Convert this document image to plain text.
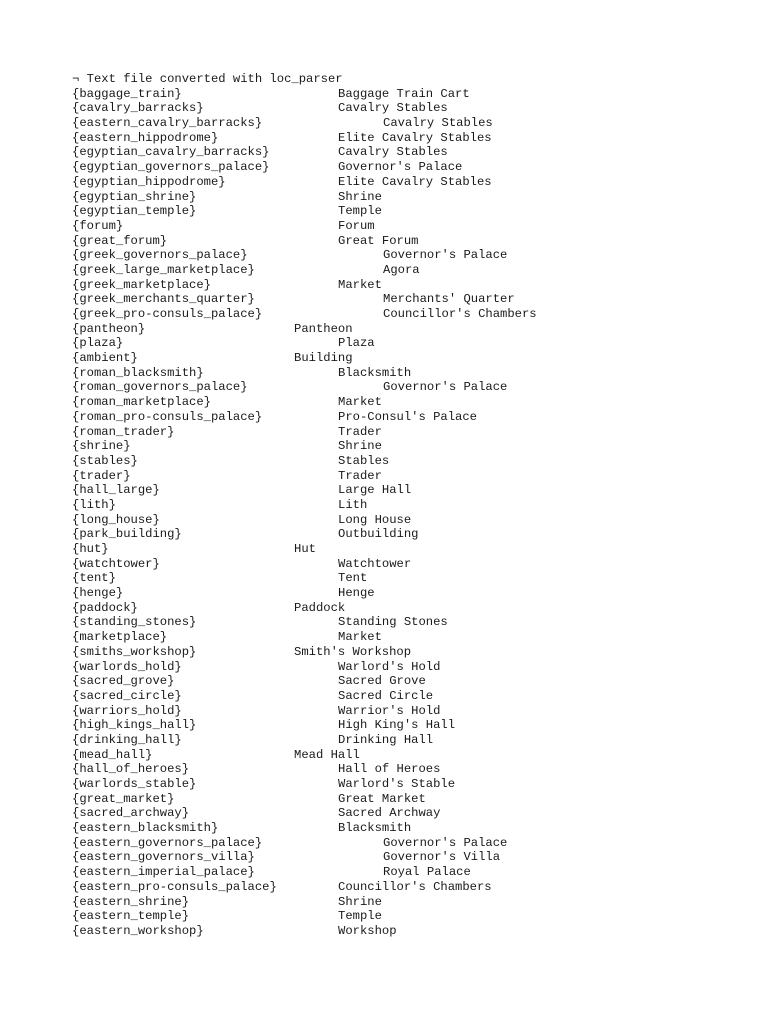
¬ Text file converted with loc_parser
{baggage_train}	Baggage Train Cart
{cavalry_barracks}	Cavalry Stables
{eastern_cavalry_barracks}	Cavalry Stables
{eastern_hippodrome}	Elite Cavalry Stables
{egyptian_cavalry_barracks}	Cavalry Stables
{egyptian_governors_palace}	Governor's Palace
{egyptian_hippodrome}	Elite Cavalry Stables
{egyptian_shrine}	Shrine
{egyptian_temple}	Temple
{forum}	Forum
{great_forum}	Great Forum
{greek_governors_palace}	Governor's Palace
{greek_large_marketplace}	Agora
{greek_marketplace}	Market
{greek_merchants_quarter}	Merchants' Quarter
{greek_pro-consuls_palace}	Councillor's Chambers
{pantheon}	Pantheon
{plaza}	Plaza
{ambient}	Building
{roman_blacksmith}	Blacksmith
{roman_governors_palace}	Governor's Palace
{roman_marketplace}	Market
{roman_pro-consuls_palace}	Pro-Consul's Palace
{roman_trader}	Trader
{shrine}	Shrine
{stables}	Stables
{trader}	Trader
{hall_large}	Large Hall
{lith}	Lith
{long_house}	Long House
{park_building}	Outbuilding
{hut}	Hut
{watchtower}	Watchtower
{tent}	Tent
{henge}	Henge
{paddock}	Paddock
{standing_stones}	Standing Stones
{marketplace}	Market
{smiths_workshop}	Smith's Workshop
{warlords_hold}	Warlord's Hold
{sacred_grove}	Sacred Grove
{sacred_circle}	Sacred Circle
{warriors_hold}	Warrior's Hold
{high_kings_hall}	High King's Hall
{drinking_hall}	Drinking Hall
{mead_hall}	Mead Hall
{hall_of_heroes}	Hall of Heroes
{warlords_stable}	Warlord's Stable
{great_market}	Great Market
{sacred_archway}	Sacred Archway
{eastern_blacksmith}	Blacksmith
{eastern_governors_palace}	Governor's Palace
{eastern_governors_villa}	Governor's Villa
{eastern_imperial_palace}	Royal Palace
{eastern_pro-consuls_palace}	Councillor's Chambers
{eastern_shrine}	Shrine
{eastern_temple}	Temple
{eastern_workshop}	Workshop
